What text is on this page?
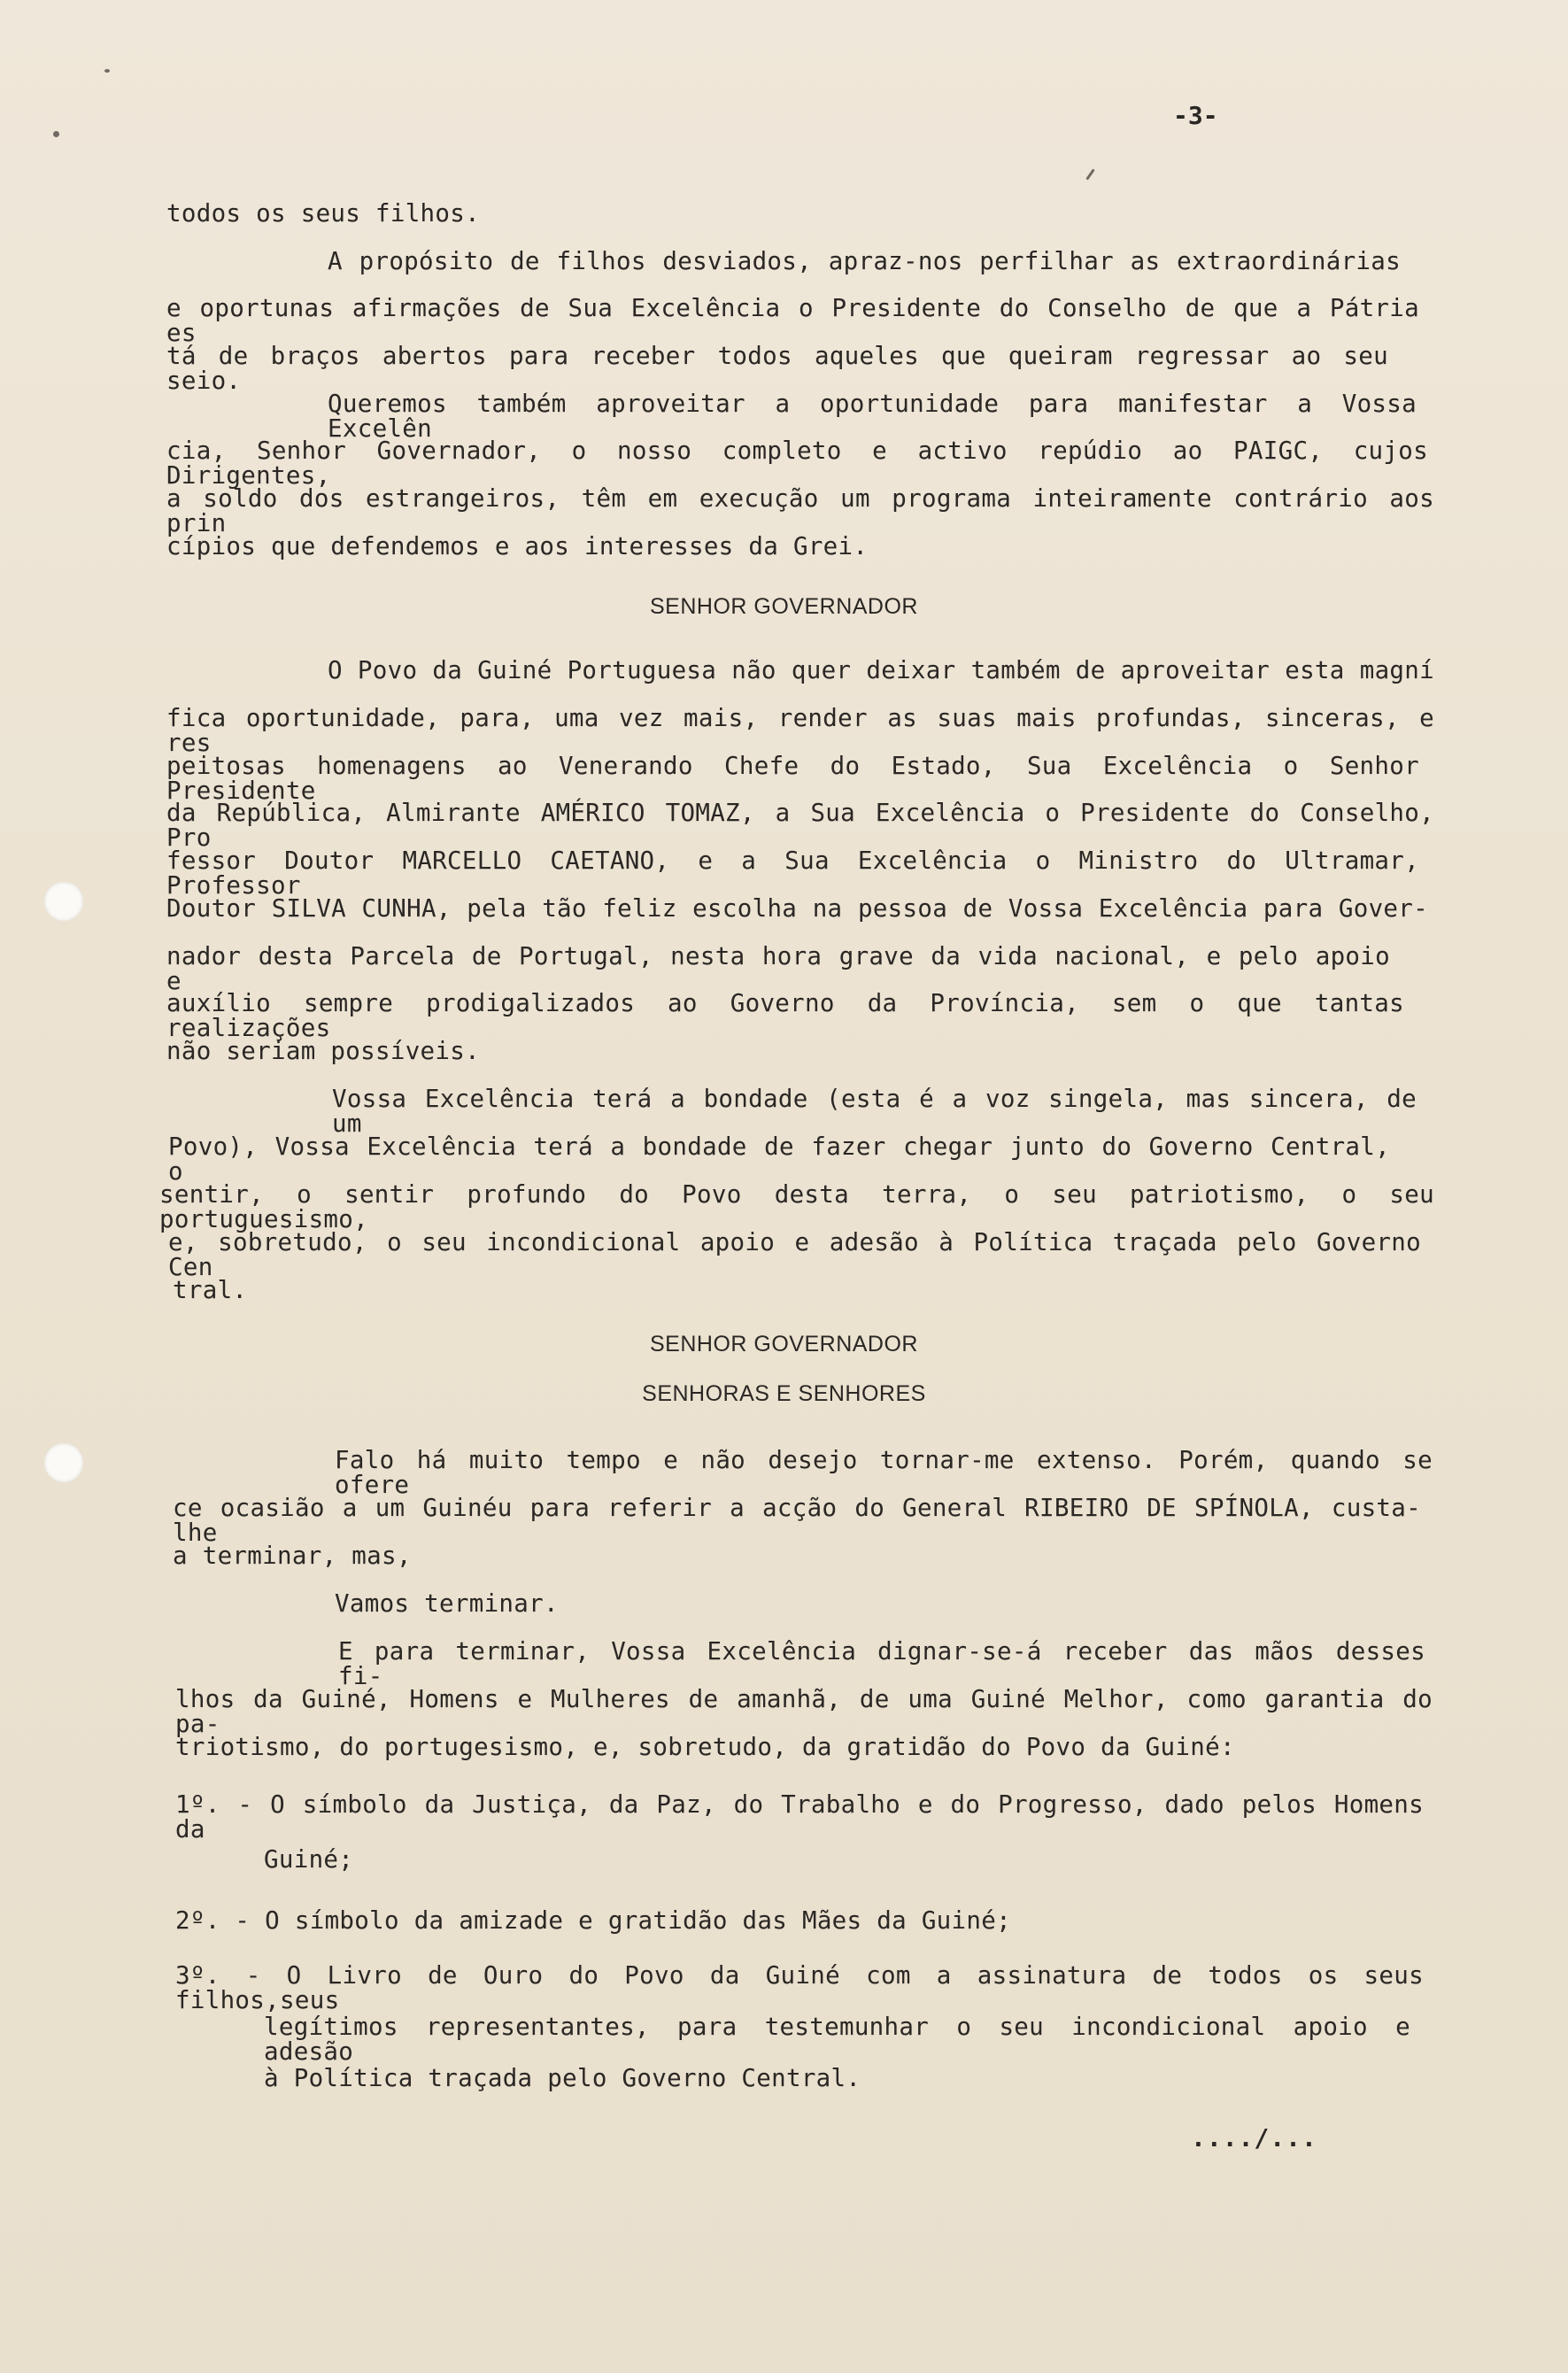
-3-
todos os seus filhos.
A propósito de filhos desviados, apraz-nos perfilhar as extraordinárias
e oportunas afirmações de Sua Excelência o Presidente do Conselho de que a Pátria es
tá de braços abertos para receber todos aqueles que queiram regressar ao seu seio.
Queremos também aproveitar a oportunidade para manifestar a Vossa Excelên
cia, Senhor Governador, o nosso completo e activo repúdio ao PAIGC, cujos Dirigentes,
a soldo dos estrangeiros, têm em execução um programa inteiramente contrário aos prin
cípios que defendemos e aos interesses da Grei.
O Povo da Guiné Portuguesa não quer deixar também de aproveitar esta magní
fica oportunidade, para, uma vez mais, render as suas mais profundas, sinceras, e res
peitosas homenagens ao Venerando Chefe do Estado, Sua Excelência o Senhor Presidente
da República, Almirante AMÉRICO TOMAZ, a Sua Excelência o Presidente do Conselho, Pro
fessor Doutor MARCELLO CAETANO, e a Sua Excelência o Ministro do Ultramar, Professor
Doutor SILVA CUNHA, pela tão feliz escolha na pessoa de Vossa Excelência para Gover-
nador desta Parcela de Portugal, nesta hora grave da vida nacional, e pelo apoio e
auxílio sempre prodigalizados ao Governo da Província, sem o que tantas realizações
não seriam possíveis.
Vossa Excelência terá a bondade (esta é a voz singela, mas sincera, de um
Povo), Vossa Excelência terá a bondade de fazer chegar junto do Governo Central, o
sentir, o sentir profundo do Povo desta terra, o seu patriotismo, o seu portuguesismo,
e, sobretudo, o seu incondicional apoio e adesão à Política traçada pelo Governo Cen
tral.
Falo há muito tempo e não desejo tornar-me extenso. Porém, quando se ofere
ce ocasião a um Guinéu para referir a acção do General RIBEIRO DE SPÍNOLA, custa-lhe
a terminar, mas,
Vamos terminar.
E para terminar, Vossa Excelência dignar-se-á receber das mãos desses fi-
lhos da Guiné, Homens e Mulheres de amanhã, de uma Guiné Melhor, como garantia do pa-
triotismo, do portugesismo, e, sobretudo, da gratidão do Povo da Guiné:
1º. - O símbolo da Justiça, da Paz, do Trabalho e do Progresso, dado pelos Homens da
Guiné;
2º. - O símbolo da amizade e gratidão das Mães da Guiné;
3º. - O Livro de Ouro do Povo da Guiné com a assinatura de todos os seus filhos,seus
legítimos representantes, para testemunhar o seu incondicional apoio e adesão
à Política traçada pelo Governo Central.
SENHOR GOVERNADOR
SENHOR GOVERNADOR
SENHORAS E SENHORES
..../...
